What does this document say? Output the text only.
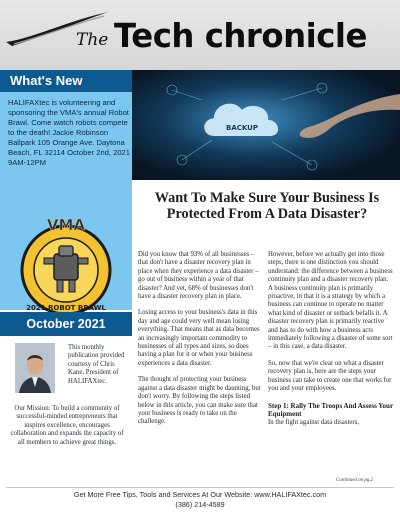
The Tech chronicle
What's New
HALIFAXtec is volunteering and sponsoring the VMA's annual Robot Brawl. Come watch robots compete to the death! Jackie Robinson Ballpark 105 Orange Ave. Daytona Beach, FL 32114 October 2nd, 2021 9AM-12PM
VMA
2021 ROBOT BRAWL
October 2021
This monthly publication provided courtesy of Chris Kane, President of HALIFAXtec.
Our Mission: To build a community of successful-minded entrepreneurs that inspires excellence, encourages collaboration and expands the capacity of all members to achieve great things.
BACKUP
Want To Make Sure Your Business Is Protected From A Data Disaster?

Did you know that 93% of all businesses – that don't have a disaster recovery plan in place when they experience a data disaster – go out of business within a year of that disaster? And yet, 68% of businesses don't have a disaster recovery plan in place.

Losing access to your business's data in this day and age could very well mean losing everything. That means that as data becomes an increasingly important commodity to businesses of all types and sizes, so does having a plan for it or when your business experiences a data disaster.

The thought of protecting your business against a data disaster might be daunting, but don't worry. By following the steps listed below in this article, you can make sure that your business is ready to take on the challenge.

However, before we actually get into those steps, there is one distinction you should understand: the difference between a business continuity plan and a disaster recovery plan. A business continuity plan is primarily proactive, in that it is a strategy by which a business can continue to operate no matter what kind of disaster or setback befalls it. A disaster recovery plan is primarily reactive and has to do with how a business acts immediately following a disaster of some sort – in this case, a data disaster.

So, now that we're clear on what a disaster recovery plan is, here are the steps your business can take to create one that works for you and your employees.

Step 1: Rally The Troops And Assess Your Equipment

In the fight against data disasters,

Continued on pg.2
Get More Free Tips, Tools and Services At Our Website: www.HALIFAXtec.com
(386) 214-4589
